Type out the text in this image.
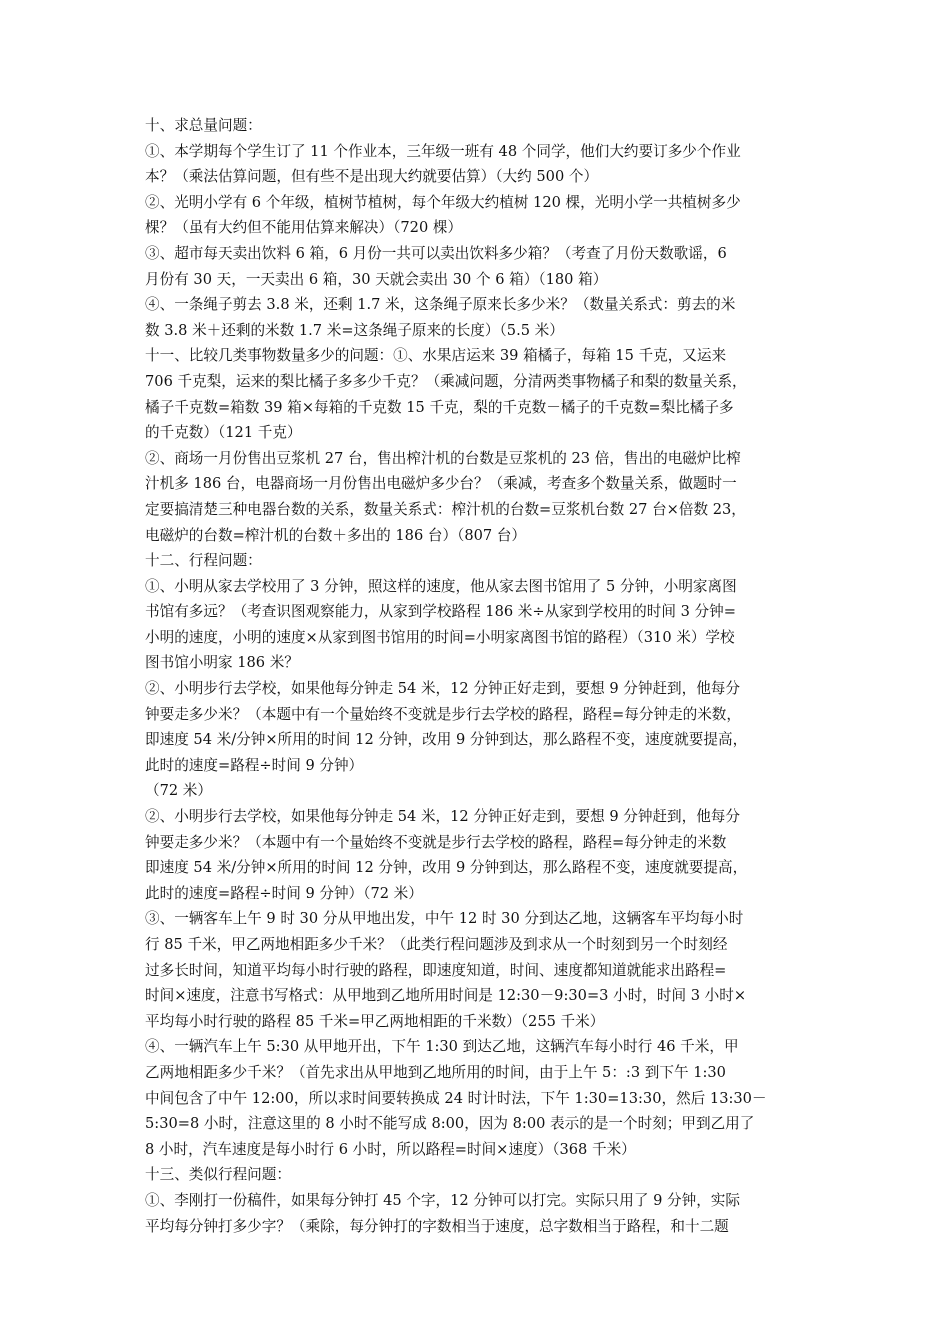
十、求总量问题：
①、本学期每个学生订了 11 个作业本，三年级一班有 48 个同学，他们大约要订多少个作业
本？（乘法估算问题，但有些不是出现大约就要估算）（大约 500 个）
②、光明小学有 6 个年级，植树节植树，每个年级大约植树 120 棵，光明小学一共植树多少
棵？（虽有大约但不能用估算来解决）（720 棵）
③、超市每天卖出饮料 6 箱，6 月份一共可以卖出饮料多少箱？（考查了月份天数歌谣，6
月份有 30 天，一天卖出 6 箱，30 天就会卖出 30 个 6 箱）（180 箱）
④、一条绳子剪去 3.8 米，还剩 1.7 米，这条绳子原来长多少米？（数量关系式：剪去的米
数 3.8 米＋还剩的米数 1.7 米=这条绳子原来的长度）（5.5 米）
十一、比较几类事物数量多少的问题：①、水果店运来 39 箱橘子，每箱 15 千克，又运来
706 千克梨，运来的梨比橘子多多少千克？（乘减问题，分清两类事物橘子和梨的数量关系，
橘子千克数=箱数 39 箱×每箱的千克数 15 千克，梨的千克数－橘子的千克数=梨比橘子多
的千克数）（121 千克）
②、商场一月份售出豆浆机 27 台，售出榨汁机的台数是豆浆机的 23 倍，售出的电磁炉比榨
汁机多 186 台，电器商场一月份售出电磁炉多少台？（乘减，考查多个数量关系，做题时一
定要搞清楚三种电器台数的关系，数量关系式：榨汁机的台数=豆浆机台数 27 台×倍数 23，
电磁炉的台数=榨汁机的台数＋多出的 186 台）（807 台）
十二、行程问题：
①、小明从家去学校用了 3 分钟，照这样的速度，他从家去图书馆用了 5 分钟，小明家离图
书馆有多远？（考查识图观察能力，从家到学校路程 186 米÷从家到学校用的时间 3 分钟=
小明的速度，小明的速度×从家到图书馆用的时间=小明家离图书馆的路程）（310 米）学校
图书馆小明家 186 米？
②、小明步行去学校，如果他每分钟走 54 米，12 分钟正好走到，要想 9 分钟赶到，他每分
钟要走多少米？（本题中有一个量始终不变就是步行去学校的路程，路程=每分钟走的米数，
即速度 54 米/分钟×所用的时间 12 分钟，改用 9 分钟到达，那么路程不变，速度就要提高，
此时的速度=路程÷时间 9 分钟）
（72 米）
②、小明步行去学校，如果他每分钟走 54 米，12 分钟正好走到，要想 9 分钟赶到，他每分
钟要走多少米？（本题中有一个量始终不变就是步行去学校的路程，路程=每分钟走的米数
即速度 54 米/分钟×所用的时间 12 分钟，改用 9 分钟到达，那么路程不变，速度就要提高，
此时的速度=路程÷时间 9 分钟）（72 米）
③、一辆客车上午 9 时 30 分从甲地出发，中午 12 时 30 分到达乙地，这辆客车平均每小时
行 85 千米，甲乙两地相距多少千米？（此类行程问题涉及到求从一个时刻到另一个时刻经
过多长时间，知道平均每小时行驶的路程，即速度知道，时间、速度都知道就能求出路程=
时间×速度，注意书写格式：从甲地到乙地所用时间是 12:30－9:30=3 小时，时间 3 小时×
平均每小时行驶的路程 85 千米=甲乙两地相距的千米数）（255 千米）
④、一辆汽车上午 5:30 从甲地开出，下午 1:30 到达乙地，这辆汽车每小时行 46 千米，甲
乙两地相距多少千米？（首先求出从甲地到乙地所用的时间，由于上午 5：:3 到下午 1:30
中间包含了中午 12:00，所以求时间要转换成 24 时计时法，下午 1:30=13:30，然后 13:30－
5:30=8 小时，注意这里的 8 小时不能写成 8:00，因为 8:00 表示的是一个时刻；甲到乙用了
8 小时，汽车速度是每小时行 6 小时，所以路程=时间×速度）（368 千米）
十三、类似行程问题：
①、李刚打一份稿件，如果每分钟打 45 个字，12 分钟可以打完。实际只用了 9 分钟，实际
平均每分钟打多少字？（乘除，每分钟打的字数相当于速度，总字数相当于路程，和十二题
